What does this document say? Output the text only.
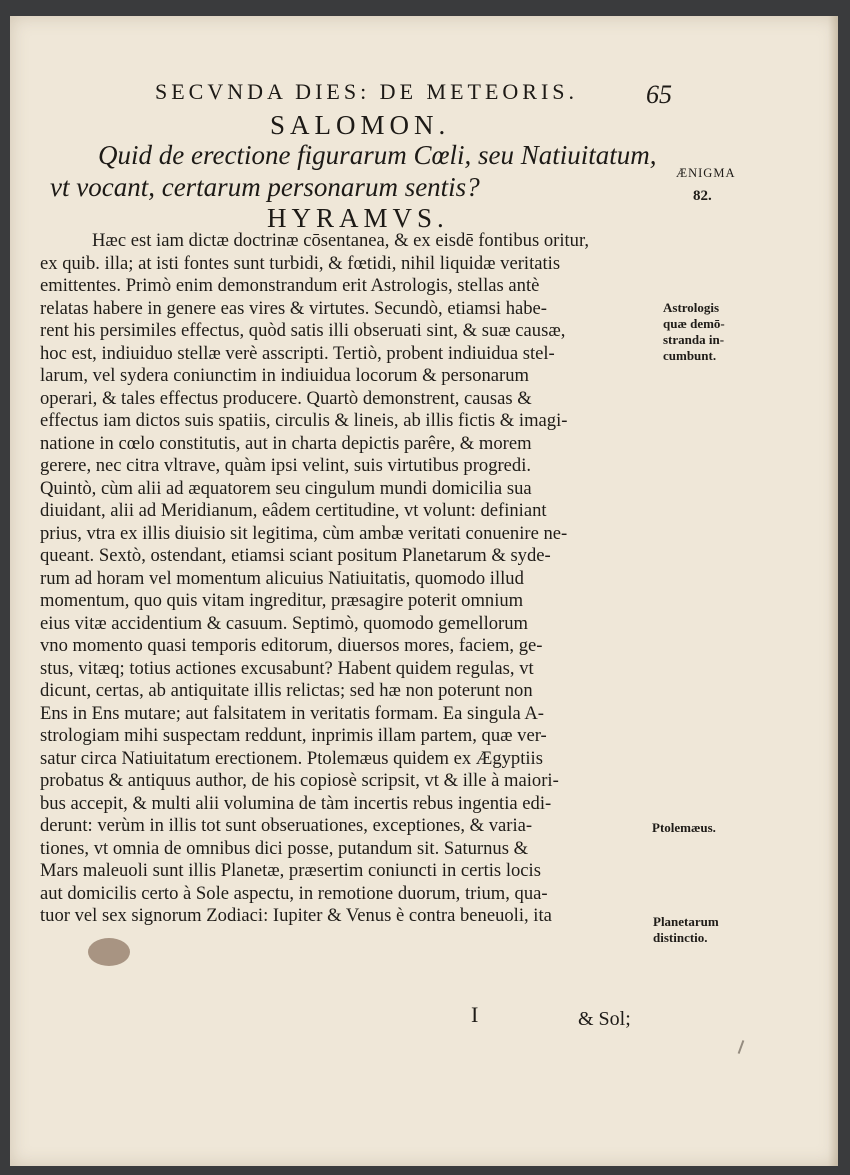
SECVNDA DIES: DE METEORIS.	65
SALOMON.
Quid de erectione figurarum Cœli, seu Natiuitatum,
vt vocant, certarum personarum sentis?
HYRAMVS.
ÆNIGMA
82.
Astrologis
quæ demō-
stranda in-
cumbunt.
Ptolemæus.
Planetarum
distinctio.
Hæc est iam dictæ doctrinæ cōsentanea, & ex eisdē fontibus oritur,
ex quib. illa; at isti fontes sunt turbidi, & fœtidi, nihil liquidæ veritatis
emittentes. Primò enim demonstrandum erit Astrologis, stellas antè
relatas habere in genere eas vires & virtutes. Secundò, etiamsi habe-
rent his persimiles effectus, quòd satis illi obseruati sint, & suæ causæ,
hoc est, indiuiduo stellæ verè asscripti. Tertiò, probent indiuidua stel-
larum, vel sydera coniunctim in indiuidua locorum & personarum
operari, & tales effectus producere. Quartò demonstrent, causas &
effectus iam dictos suis spatiis, circulis & lineis, ab illis fictis & imagi-
natione in cœlo constitutis, aut in charta depictis parêre, & morem
gerere, nec citra vltrave, quàm ipsi velint, suis virtutibus progredi.
Quintò, cùm alii ad æquatorem seu cingulum mundi domicilia sua
diuidant, alii ad Meridianum, eâdem certitudine, vt volunt: definiant
prius, vtra ex illis diuisio sit legitima, cùm ambæ veritati conuenire ne-
queant. Sextò, ostendant, etiamsi sciant positum Planetarum & syde-
rum ad horam vel momentum alicuius Natiuitatis, quomodo illud
momentum, quo quis vitam ingreditur, præsagire poterit omnium
eius vitæ accidentium & casuum. Septimò, quomodo gemellorum
vno momento quasi temporis editorum, diuersos mores, faciem, ge-
stus, vitæq; totius actiones excusabunt? Habent quidem regulas, vt
dicunt, certas, ab antiquitate illis relictas; sed hæ non poterunt non
Ens in Ens mutare; aut falsitatem in veritatis formam. Ea singula A-
strologiam mihi suspectam reddunt, inprimis illam partem, quæ ver-
satur circa Natiuitatum erectionem. Ptolemæus quidem ex Ægyptiis
probatus & antiquus author, de his copiosè scripsit, vt & ille à maiori-
bus accepit, & multi alii volumina de tàm incertis rebus ingentia edi-
derunt: verùm in illis tot sunt obseruationes, exceptiones, & varia-
tiones, vt omnia de omnibus dici posse, putandum sit. Saturnus &
Mars maleuoli sunt illis Planetæ, præsertim coniuncti in certis locis
aut domicilis certo à Sole aspectu, in remotione duorum, trium, qua-
tuor vel sex signorum Zodiaci: Iupiter & Venus è contra beneuoli, ita
I	& Sol;
